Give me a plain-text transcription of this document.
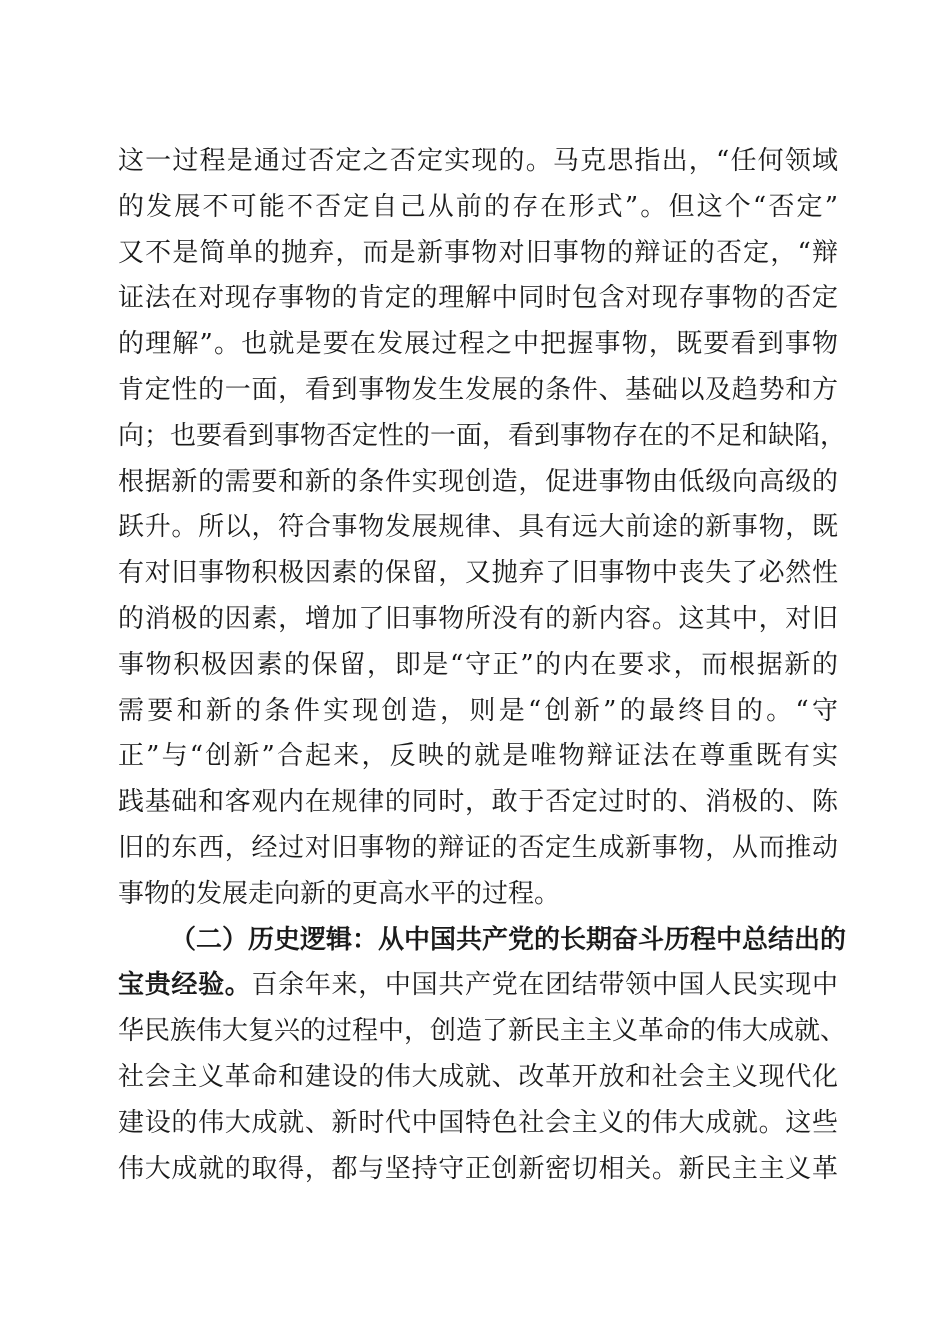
这一过程是通过否定之否定实现的。马克思指出，“任何领域
的发展不可能不否定自己从前的存在形式”。但这个“否定”
又不是简单的抛弃，而是新事物对旧事物的辩证的否定，“辩
证法在对现存事物的肯定的理解中同时包含对现存事物的否定
的理解”。也就是要在发展过程之中把握事物，既要看到事物
肯定性的一面，看到事物发生发展的条件、基础以及趋势和方
向；也要看到事物否定性的一面，看到事物存在的不足和缺陷，
根据新的需要和新的条件实现创造，促进事物由低级向高级的
跃升。所以，符合事物发展规律、具有远大前途的新事物，既
有对旧事物积极因素的保留，又抛弃了旧事物中丧失了必然性
的消极的因素，增加了旧事物所没有的新内容。这其中，对旧
事物积极因素的保留，即是“守正”的内在要求，而根据新的
需要和新的条件实现创造，则是“创新”的最终目的。“守
正”与“创新”合起来，反映的就是唯物辩证法在尊重既有实
践基础和客观内在规律的同时，敢于否定过时的、消极的、陈
旧的东西，经过对旧事物的辩证的否定生成新事物，从而推动
事物的发展走向新的更高水平的过程。
（二）历史逻辑：从中国共产党的长期奋斗历程中总结出的
宝贵经验。百余年来，中国共产党在团结带领中国人民实现中
华民族伟大复兴的过程中，创造了新民主主义革命的伟大成就、
社会主义革命和建设的伟大成就、改革开放和社会主义现代化
建设的伟大成就、新时代中国特色社会主义的伟大成就。这些
伟大成就的取得，都与坚持守正创新密切相关。新民主主义革
